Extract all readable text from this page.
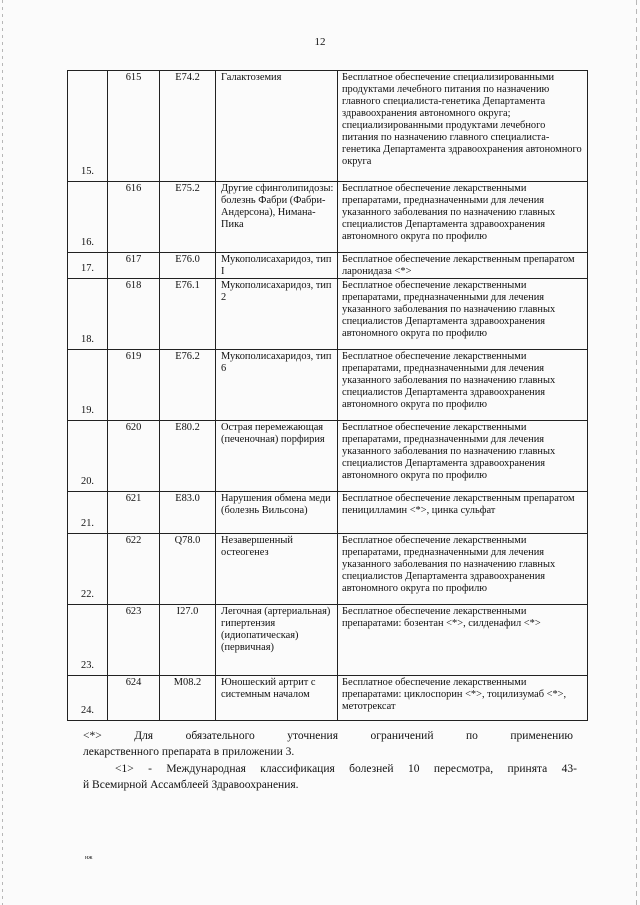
12
15.	615	E74.2	Галактоземия	Бесплатное обеспечение специализированными продуктами лечебного питания по назначению главного специалиста-генетика Департамента здравоохранения автономного округа; специализированными продуктами лечебного питания по назначению главного специалиста-генетика Департамента здравоохранения автономного округа
16.	616	E75.2	Другие сфинголипидозы: болезнь Фабри (Фабри-Андерсона), Нимана-Пика	Бесплатное обеспечение лекарственными препаратами, предназначенными для лечения указанного заболевания по назначению главных специалистов Департамента здравоохранения автономного округа по профилю
17.	617	E76.0	Мукополисахаридоз, тип I	Бесплатное обеспечение лекарственным препаратом ларонидаза <*>
18.	618	E76.1	Мукополисахаридоз, тип 2	Бесплатное обеспечение лекарственными препаратами, предназначенными для лечения указанного заболевания по назначению главных специалистов Департамента здравоохранения автономного округа по профилю
19.	619	E76.2	Мукополисахаридоз, тип 6	Бесплатное обеспечение лекарственными препаратами, предназначенными для лечения указанного заболевания по назначению главных специалистов Департамента здравоохранения автономного округа по профилю
20.	620	E80.2	Острая перемежающая (печеночная) порфирия	Бесплатное обеспечение лекарственными препаратами, предназначенными для лечения указанного заболевания по назначению главных специалистов Департамента здравоохранения автономного округа по профилю
21.	621	E83.0	Нарушения обмена меди (болезнь Вильсона)	Бесплатное обеспечение лекарственным препаратом пеницилламин <*>, цинка сульфат
22.	622	Q78.0	Незавершенный остеогенез	Бесплатное обеспечение лекарственными препаратами, предназначенными для лечения указанного заболевания по назначению главных специалистов Департамента здравоохранения автономного округа по профилю
23.	623	I27.0	Легочная (артериальная) гипертензия (идиопатическая) (первичная)	Бесплатное обеспечение лекарственными препаратами: бозентан <*>, силденафил <*>
24.	624	M08.2	Юношеский артрит с системным началом	Бесплатное обеспечение лекарственными препаратами: циклоспорин <*>, тоцилизумаб <*>, метотрексат
<*> Для обязательного уточнения ограничений по применению
лекарственного препарата в приложении 3.
<1> - Международная классификация болезней 10 пересмотра, принята 43-
й Всемирной Ассамблеей Здравоохранения.
нж
